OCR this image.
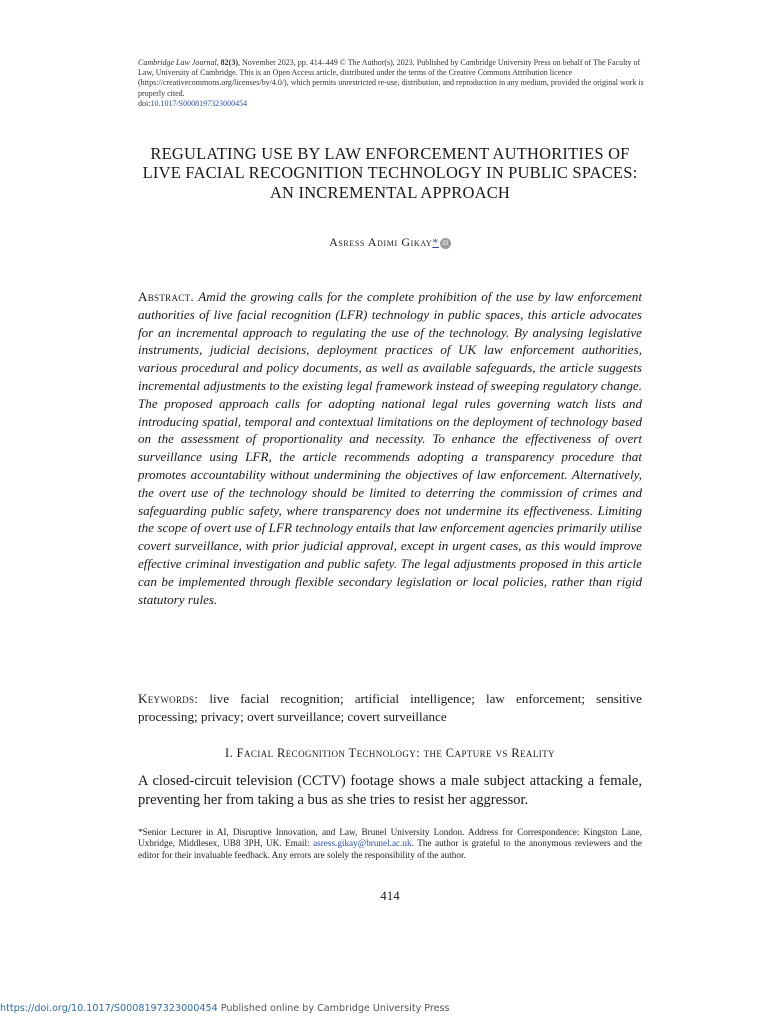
Cambridge Law Journal, 82(3), November 2023, pp. 414–449 © The Author(s), 2023. Published by Cambridge University Press on behalf of The Faculty of Law, University of Cambridge. This is an Open Access article, distributed under the terms of the Creative Commons Attribution licence (https://creativecommons.org/licenses/by/4.0/), which permits unrestricted re-use, distribution, and reproduction in any medium, provided the original work is properly cited.
doi:10.1017/S0008197323000454
REGULATING USE BY LAW ENFORCEMENT AUTHORITIES OF LIVE FACIAL RECOGNITION TECHNOLOGY IN PUBLIC SPACES: AN INCREMENTAL APPROACH
Asress Adimi Gikay* iD
Abstract. Amid the growing calls for the complete prohibition of the use by law enforcement authorities of live facial recognition (LFR) technology in public spaces, this article advocates for an incremental approach to regulating the use of the technology. By analysing legislative instruments, judicial decisions, deployment practices of UK law enforcement authorities, various procedural and policy documents, as well as available safeguards, the article suggests incremental adjustments to the existing legal framework instead of sweeping regulatory change. The proposed approach calls for adopting national legal rules governing watch lists and introducing spatial, temporal and contextual limitations on the deployment of technology based on the assessment of proportionality and necessity. To enhance the effectiveness of overt surveillance using LFR, the article recommends adopting a transparency procedure that promotes accountability without undermining the objectives of law enforcement. Alternatively, the overt use of the technology should be limited to deterring the commission of crimes and safeguarding public safety, where transparency does not undermine its effectiveness. Limiting the scope of overt use of LFR technology entails that law enforcement agencies primarily utilise covert surveillance, with prior judicial approval, except in urgent cases, as this would improve effective criminal investigation and public safety. The legal adjustments proposed in this article can be implemented through flexible secondary legislation or local policies, rather than rigid statutory rules.
Keywords: live facial recognition; artificial intelligence; law enforcement; sensitive processing; privacy; overt surveillance; covert surveillance
I. Facial Recognition Technology: the Capture vs Reality
A closed-circuit television (CCTV) footage shows a male subject attacking a female, preventing her from taking a bus as she tries to resist her aggressor.
*Senior Lecturer in AI, Disruptive Innovation, and Law, Brunel University London. Address for Correspondence: Kingston Lane, Uxbridge, Middlesex, UB8 3PH, UK. Email: asress.gikay@brunel.ac.uk. The author is grateful to the anonymous reviewers and the editor for their invaluable feedback. Any errors are solely the responsibility of the author.
414
https://doi.org/10.1017/S0008197323000454 Published online by Cambridge University Press
